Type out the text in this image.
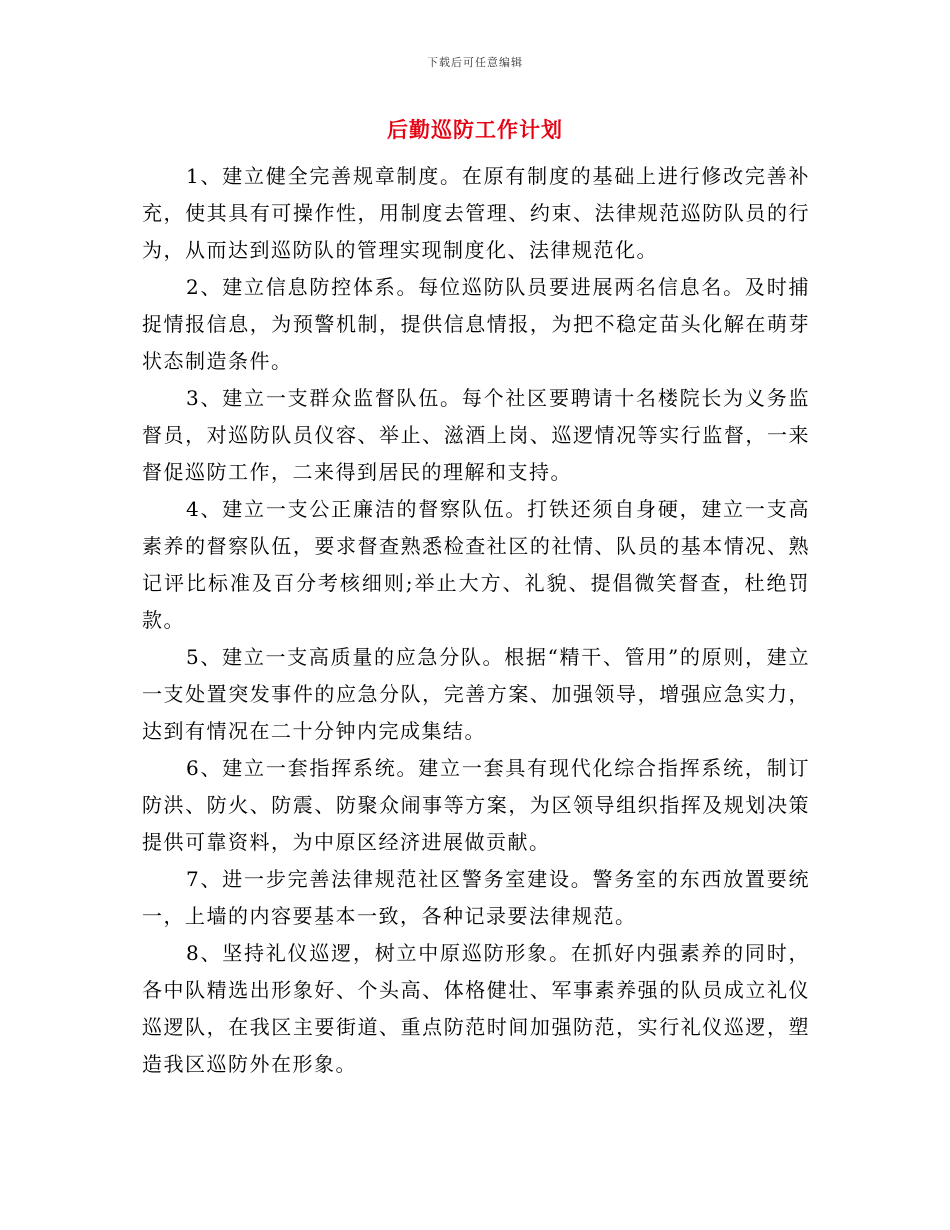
下载后可任意编辑
后勤巡防工作计划

1、建立健全完善规章制度。在原有制度的基础上进行修改完善补充，使其具有可操作性，用制度去管理、约束、法律规范巡防队员的行为，从而达到巡防队的管理实现制度化、法律规范化。

2、建立信息防控体系。每位巡防队员要进展两名信息名。及时捕捉情报信息，为预警机制，提供信息情报，为把不稳定苗头化解在萌芽状态制造条件。

3、建立一支群众监督队伍。每个社区要聘请十名楼院长为义务监督员，对巡防队员仪容、举止、滋酒上岗、巡逻情况等实行监督，一来督促巡防工作，二来得到居民的理解和支持。

4、建立一支公正廉洁的督察队伍。打铁还须自身硬，建立一支高素养的督察队伍，要求督查熟悉检查社区的社情、队员的基本情况、熟记评比标准及百分考核细则;举止大方、礼貌、提倡微笑督查，杜绝罚款。

5、建立一支高质量的应急分队。根据“精干、管用”的原则，建立一支处置突发事件的应急分队，完善方案、加强领导，增强应急实力，达到有情况在二十分钟内完成集结。

6、建立一套指挥系统。建立一套具有现代化综合指挥系统，制订防洪、防火、防震、防聚众闹事等方案，为区领导组织指挥及规划决策提供可靠资料，为中原区经济进展做贡献。

7、进一步完善法律规范社区警务室建设。警务室的东西放置要统一，上墙的内容要基本一致，各种记录要法律规范。

8、坚持礼仪巡逻，树立中原巡防形象。在抓好内强素养的同时，各中队精选出形象好、个头高、体格健壮、军事素养强的队员成立礼仪巡逻队，在我区主要街道、重点防范时间加强防范，实行礼仪巡逻，塑造我区巡防外在形象。
